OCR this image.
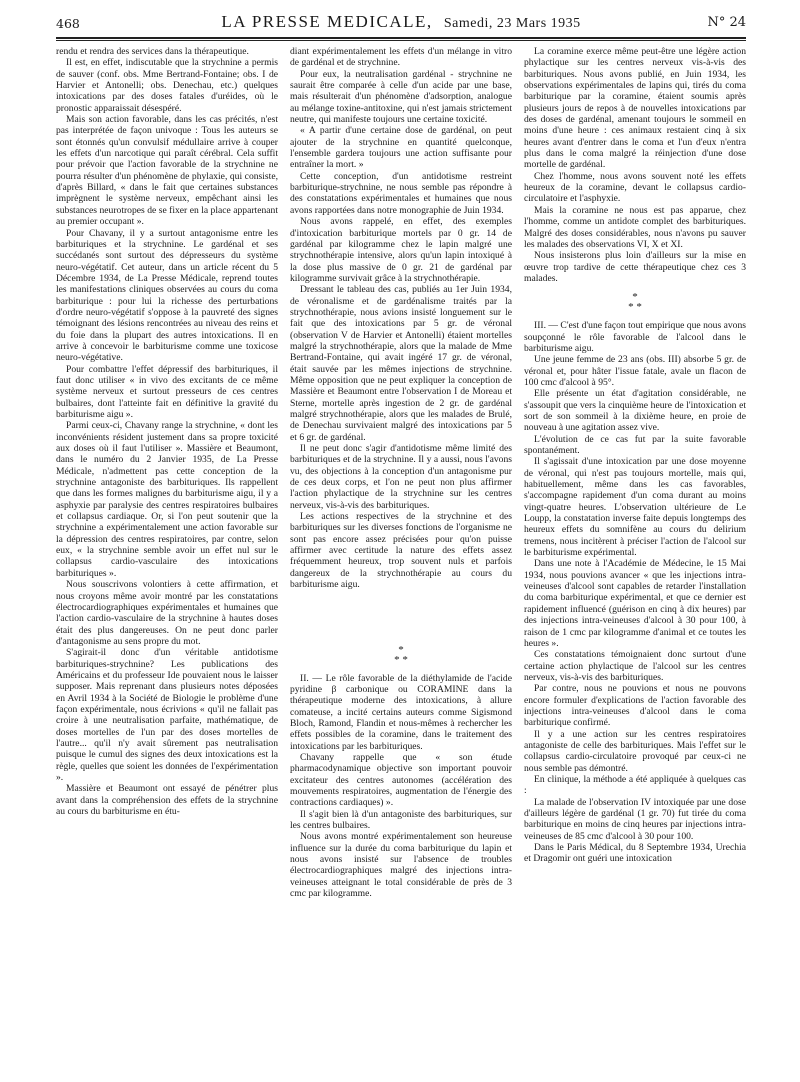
468	LA PRESSE MEDICALE, Samedi, 23 Mars 1935	N° 24

rendu et rendra des services dans la thérapeutique.

Il est, en effet, indiscutable que la strychnine a permis de sauver (conf. obs. Mme Bertrand-Fontaine; obs. I de Harvier et Antonelli; obs. Denechau, etc.) quelques intoxications par des doses fatales d'uréides, où le pronostic apparaissait désespéré.

Mais son action favorable, dans les cas précités, n'est pas interprétée de façon univoque : Tous les auteurs se sont étonnés qu'un convulsif médullaire arrive à couper les effets d'un narcotique qui paraît cérébral. Cela suffit pour prévoir que l'action favorable de la strychnine ne pourra résulter d'un phénomène de phylaxie, qui consiste, d'après Billard, « dans le fait que certaines substances imprègnent le système nerveux, empêchant ainsi les substances neurotropes de se fixer en la place appartenant au premier occupant ».

Pour Chavany, il y a surtout antagonisme entre les barbituriques et la strychnine. Le gardénal et ses succédanés sont surtout des dépresseurs du système neuro-végétatif. Cet auteur, dans un article récent du 5 Décembre 1934, de La Presse Médicale, reprend toutes les manifestations cliniques observées au cours du coma barbiturique : pour lui la richesse des perturbations d'ordre neuro-végétatif s'oppose à la pauvreté des signes témoignant des lésions rencontrées au niveau des reins et du foie dans la plupart des autres intoxications. Il en arrive à concevoir le barbiturisme comme une toxicose neuro-végétative.

Pour combattre l'effet dépressif des barbituriques, il faut donc utiliser « in vivo des excitants de ce même système nerveux et surtout presseurs de ces centres bulbaires, dont l'atteinte fait en définitive la gravité du barbiturisme aigu ».

Parmi ceux-ci, Chavany range la strychnine, « dont les inconvénients résident justement dans sa propre toxicité aux doses où il faut l'utiliser ». Massière et Beaumont, dans le numéro du 2 Janvier 1935, de La Presse Médicale, n'admettent pas cette conception de la strychnine antagoniste des barbituriques. Ils rappellent que dans les formes malignes du barbiturisme aigu, il y a asphyxie par paralysie des centres respiratoires bulbaires et collapsus cardiaque. Or, si l'on peut soutenir que la strychnine a expérimentalement une action favorable sur la dépression des centres respiratoires, par contre, selon eux, « la strychnine semble avoir un effet nul sur le collapsus cardio-vasculaire des intoxications barbituriques ».

Nous souscrivons volontiers à cette affirmation, et nous croyons même avoir montré par les constatations électrocardiographiques expérimentales et humaines que l'action cardio-vasculaire de la strychnine à hautes doses était des plus dangereuses. On ne peut donc parler d'antagonisme au sens propre du mot.

S'agirait-il donc d'un véritable antidotisme barbituriques-strychnine? Les publications des Américains et du professeur Ide pouvaient nous le laisser supposer. Mais reprenant dans plusieurs notes déposées en Avril 1934 à la Société de Biologie le problème d'une façon expérimentale, nous écrivions « qu'il ne fallait pas croire à une neutralisation parfaite, mathématique, de doses mortelles de l'un par des doses mortelles de l'autre... qu'il n'y avait sûrement pas neutralisation puisque le cumul des signes des deux intoxications est la règle, quelles que soient les données de l'expérimentation ».

Massière et Beaumont ont essayé de pénétrer plus avant dans la compréhension des effets de la strychnine au cours du barbiturisme en étu-

diant expérimentalement les effets d'un mélange in vitro de gardénal et de strychnine.

Pour eux, la neutralisation gardénal - strychnine ne saurait être comparée à celle d'un acide par une base, mais résulterait d'un phénomène d'adsorption, analogue au mélange toxine-antitoxine, qui n'est jamais strictement neutre, qui manifeste toujours une certaine toxicité.

« A partir d'une certaine dose de gardénal, on peut ajouter de la strychnine en quantité quelconque, l'ensemble gardera toujours une action suffisante pour entraîner la mort. »

Cette conception, d'un antidotisme restreint barbiturique-strychnine, ne nous semble pas répondre à des constatations expérimentales et humaines que nous avons rapportées dans notre monographie de Juin 1934.

Nous avons rappelé, en effet, des exemples d'intoxication barbiturique mortels par 0 gr. 14 de gardénal par kilogramme chez le lapin malgré une strychnothérapie intensive, alors qu'un lapin intoxiqué à la dose plus massive de 0 gr. 21 de gardénal par kilogramme survivait grâce à la strychnothérapie.

Dressant le tableau des cas, publiés au 1er Juin 1934, de véronalisme et de gardénalisme traités par la strychnothérapie, nous avions insisté longuement sur le fait que des intoxications par 5 gr. de véronal (observation V de Harvier et Antonelli) étaient mortelles malgré la strychnothérapie, alors que la malade de Mme Bertrand-Fontaine, qui avait ingéré 17 gr. de véronal, était sauvée par les mêmes injections de strychnine. Même opposition que ne peut expliquer la conception de Massière et Beaumont entre l'observation I de Moreau et Sterne, mortelle après ingestion de 2 gr. de gardénal malgré strychnothérapie, alors que les malades de Brulé, de Denechau survivaient malgré des intoxications par 5 et 6 gr. de gardénal.

Il ne peut donc s'agir d'antidotisme même limité des barbituriques et de la strychnine. Il y a aussi, nous l'avons vu, des objections à la conception d'un antagonisme pur de ces deux corps, et l'on ne peut non plus affirmer l'action phylactique de la strychnine sur les centres nerveux, vis-à-vis des barbituriques.

Les actions respectives de la strychnine et des barbituriques sur les diverses fonctions de l'organisme ne sont pas encore assez précisées pour qu'on puisse affirmer avec certitude la nature des effets assez fréquemment heureux, trop souvent nuls et parfois dangereux de la strychnothérapie au cours du barbiturisme aigu.

*
* *

II. — Le rôle favorable de la diéthylamide de l'acide pyridine β carbonique ou CORAMINE dans la thérapeutique moderne des intoxications, à allure comateuse, a incité certains auteurs comme Sigismond Bloch, Ramond, Flandin et nous-mêmes à rechercher les effets possibles de la coramine, dans le traitement des intoxications par les barbituriques.

Chavany rappelle que « son étude pharmacodynamique objective son important pouvoir excitateur des centres autonomes (accélération des mouvements respiratoires, augmentation de l'énergie des contractions cardiaques) ».

Il s'agit bien là d'un antagoniste des barbituriques, sur les centres bulbaires.

Nous avons montré expérimentalement son heureuse influence sur la durée du coma barbiturique du lapin et nous avons insisté sur l'absence de troubles électrocardiographiques malgré des injections intra-veineuses atteignant le total considérable de près de 3 cmc par kilogramme.

La coramine exerce même peut-être une légère action phylactique sur les centres nerveux vis-à-vis des barbituriques. Nous avons publié, en Juin 1934, les observations expérimentales de lapins qui, tirés du coma barbiturique par la coramine, étaient soumis après plusieurs jours de repos à de nouvelles intoxications par des doses de gardénal, amenant toujours le sommeil en moins d'une heure : ces animaux restaient cinq à six heures avant d'entrer dans le coma et l'un d'eux n'entra plus dans le coma malgré la réinjection d'une dose mortelle de gardénal.

Chez l'homme, nous avons souvent noté les effets heureux de la coramine, devant le collapsus cardio-circulatoire et l'asphyxie.

Mais la coramine ne nous est pas apparue, chez l'homme, comme un antidote complet des barbituriques. Malgré des doses considérables, nous n'avons pu sauver les malades des observations VI, X et XI.

Nous insisterons plus loin d'ailleurs sur la mise en œuvre trop tardive de cette thérapeutique chez ces 3 malades.

*
* *

III. — C'est d'une façon tout empirique que nous avons soupçonné le rôle favorable de l'alcool dans le barbiturisme aigu.

Une jeune femme de 23 ans (obs. III) absorbe 5 gr. de véronal et, pour hâter l'issue fatale, avale un flacon de 100 cmc d'alcool à 95°.

Elle présente un état d'agitation considérable, ne s'assoupit que vers la cinquième heure de l'intoxication et sort de son sommeil à la dixième heure, en proie de nouveau à une agitation assez vive.

L'évolution de ce cas fut par la suite favorable spontanément.

Il s'agissait d'une intoxication par une dose moyenne de véronal, qui n'est pas toujours mortelle, mais qui, habituellement, même dans les cas favorables, s'accompagne rapidement d'un coma durant au moins vingt-quatre heures. L'observation ultérieure de Le Loupp, la constatation inverse faite depuis longtemps des heureux effets du somnifène au cours du delirium tremens, nous incitèrent à préciser l'action de l'alcool sur le barbiturisme expérimental.

Dans une note à l'Académie de Médecine, le 15 Mai 1934, nous pouvions avancer « que les injections intra-veineuses d'alcool sont capables de retarder l'installation du coma barbiturique expérimental, et que ce dernier est rapidement influencé (guérison en cinq à dix heures) par des injections intra-veineuses d'alcool à 30 pour 100, à raison de 1 cmc par kilogramme d'animal et ce toutes les heures ».

Ces constatations témoignaient donc surtout d'une certaine action phylactique de l'alcool sur les centres nerveux, vis-à-vis des barbituriques.

Par contre, nous ne pouvions et nous ne pouvons encore formuler d'explications de l'action favorable des injections intra-veineuses d'alcool dans le coma barbiturique confirmé.

Il y a une action sur les centres respiratoires antagoniste de celle des barbituriques. Mais l'effet sur le collapsus cardio-circulatoire provoqué par ceux-ci ne nous semble pas démontré.

En clinique, la méthode a été appliquée à quelques cas :

La malade de l'observation IV intoxiquée par une dose d'ailleurs légère de gardénal (1 gr. 70) fut tirée du coma barbiturique en moins de cinq heures par injections intra-veineuses de 85 cmc d'alcool à 30 pour 100.

Dans le Paris Médical, du 8 Septembre 1934, Urechia et Dragomir ont guéri une intoxication
